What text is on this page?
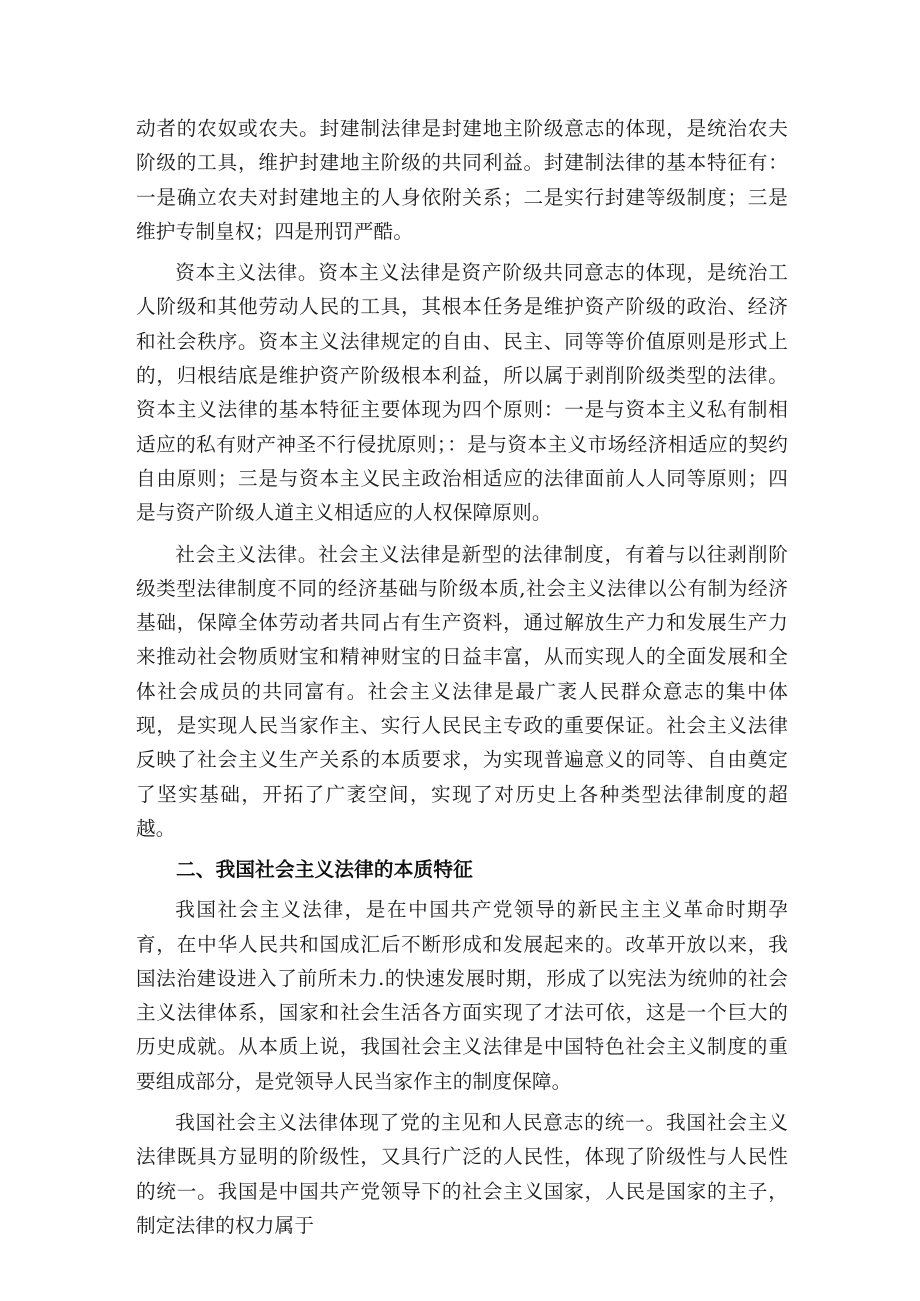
动者的农奴或农夫。封建制法律是封建地主阶级意志的体现，是统治农夫阶级的工具，维护封建地主阶级的共同利益。封建制法律的基本特征有：一是确立农夫对封建地主的人身依附关系；二是实行封建等级制度；三是维护专制皇权；四是刑罚严酷。

资本主义法律。资本主义法律是资产阶级共同意志的体现，是统治工人阶级和其他劳动人民的工具，其根本任务是维护资产阶级的政治、经济和社会秩序。资本主义法律规定的自由、民主、同等等价值原则是形式上的，归根结底是维护资产阶级根本利益，所以属于剥削阶级类型的法律。资本主义法律的基本特征主要体现为四个原则：一是与资本主义私有制相适应的私有财产神圣不行侵扰原则；：是与资本主义市场经济相适应的契约自由原则；三是与资本主义民主政治相适应的法律面前人人同等原则；四是与资产阶级人道主义相适应的人权保障原则。

社会主义法律。社会主义法律是新型的法律制度，有着与以往剥削阶级类型法律制度不同的经济基础与阶级本质,社会主义法律以公有制为经济基础，保障全体劳动者共同占有生产资料，通过解放生产力和发展生产力来推动社会物质财宝和精神财宝的日益丰富，从而实现人的全面发展和全体社会成员的共同富有。社会主义法律是最广袤人民群众意志的集中体现，是实现人民当家作主、实行人民民主专政的重要保证。社会主义法律反映了社会主义生产关系的本质要求，为实现普遍意义的同等、自由奠定了坚实基础，开拓了广袤空间，实现了对历史上各种类型法律制度的超越。

二、我国社会主义法律的本质特征

我国社会主义法律，是在中国共产党领导的新民主主义革命时期孕育，在中华人民共和国成汇后不断形成和发展起来的。改革开放以来，我国法治建设进入了前所未力.的快速发展时期，形成了以宪法为统帅的社会主义法律体系，国家和社会生活各方面实现了才法可依，这是一个巨大的历史成就。从本质上说，我国社会主义法律是中国特色社会主义制度的重要组成部分，是党领导人民当家作主的制度保障。

我国社会主义法律体现了党的主见和人民意志的统一。我国社会主义法律既具方显明的阶级性，又具行广泛的人民性，体现了阶级性与人民性的统一。我国是中国共产党领导下的社会主义国家，人民是国家的主子，制定法律的权力属于
